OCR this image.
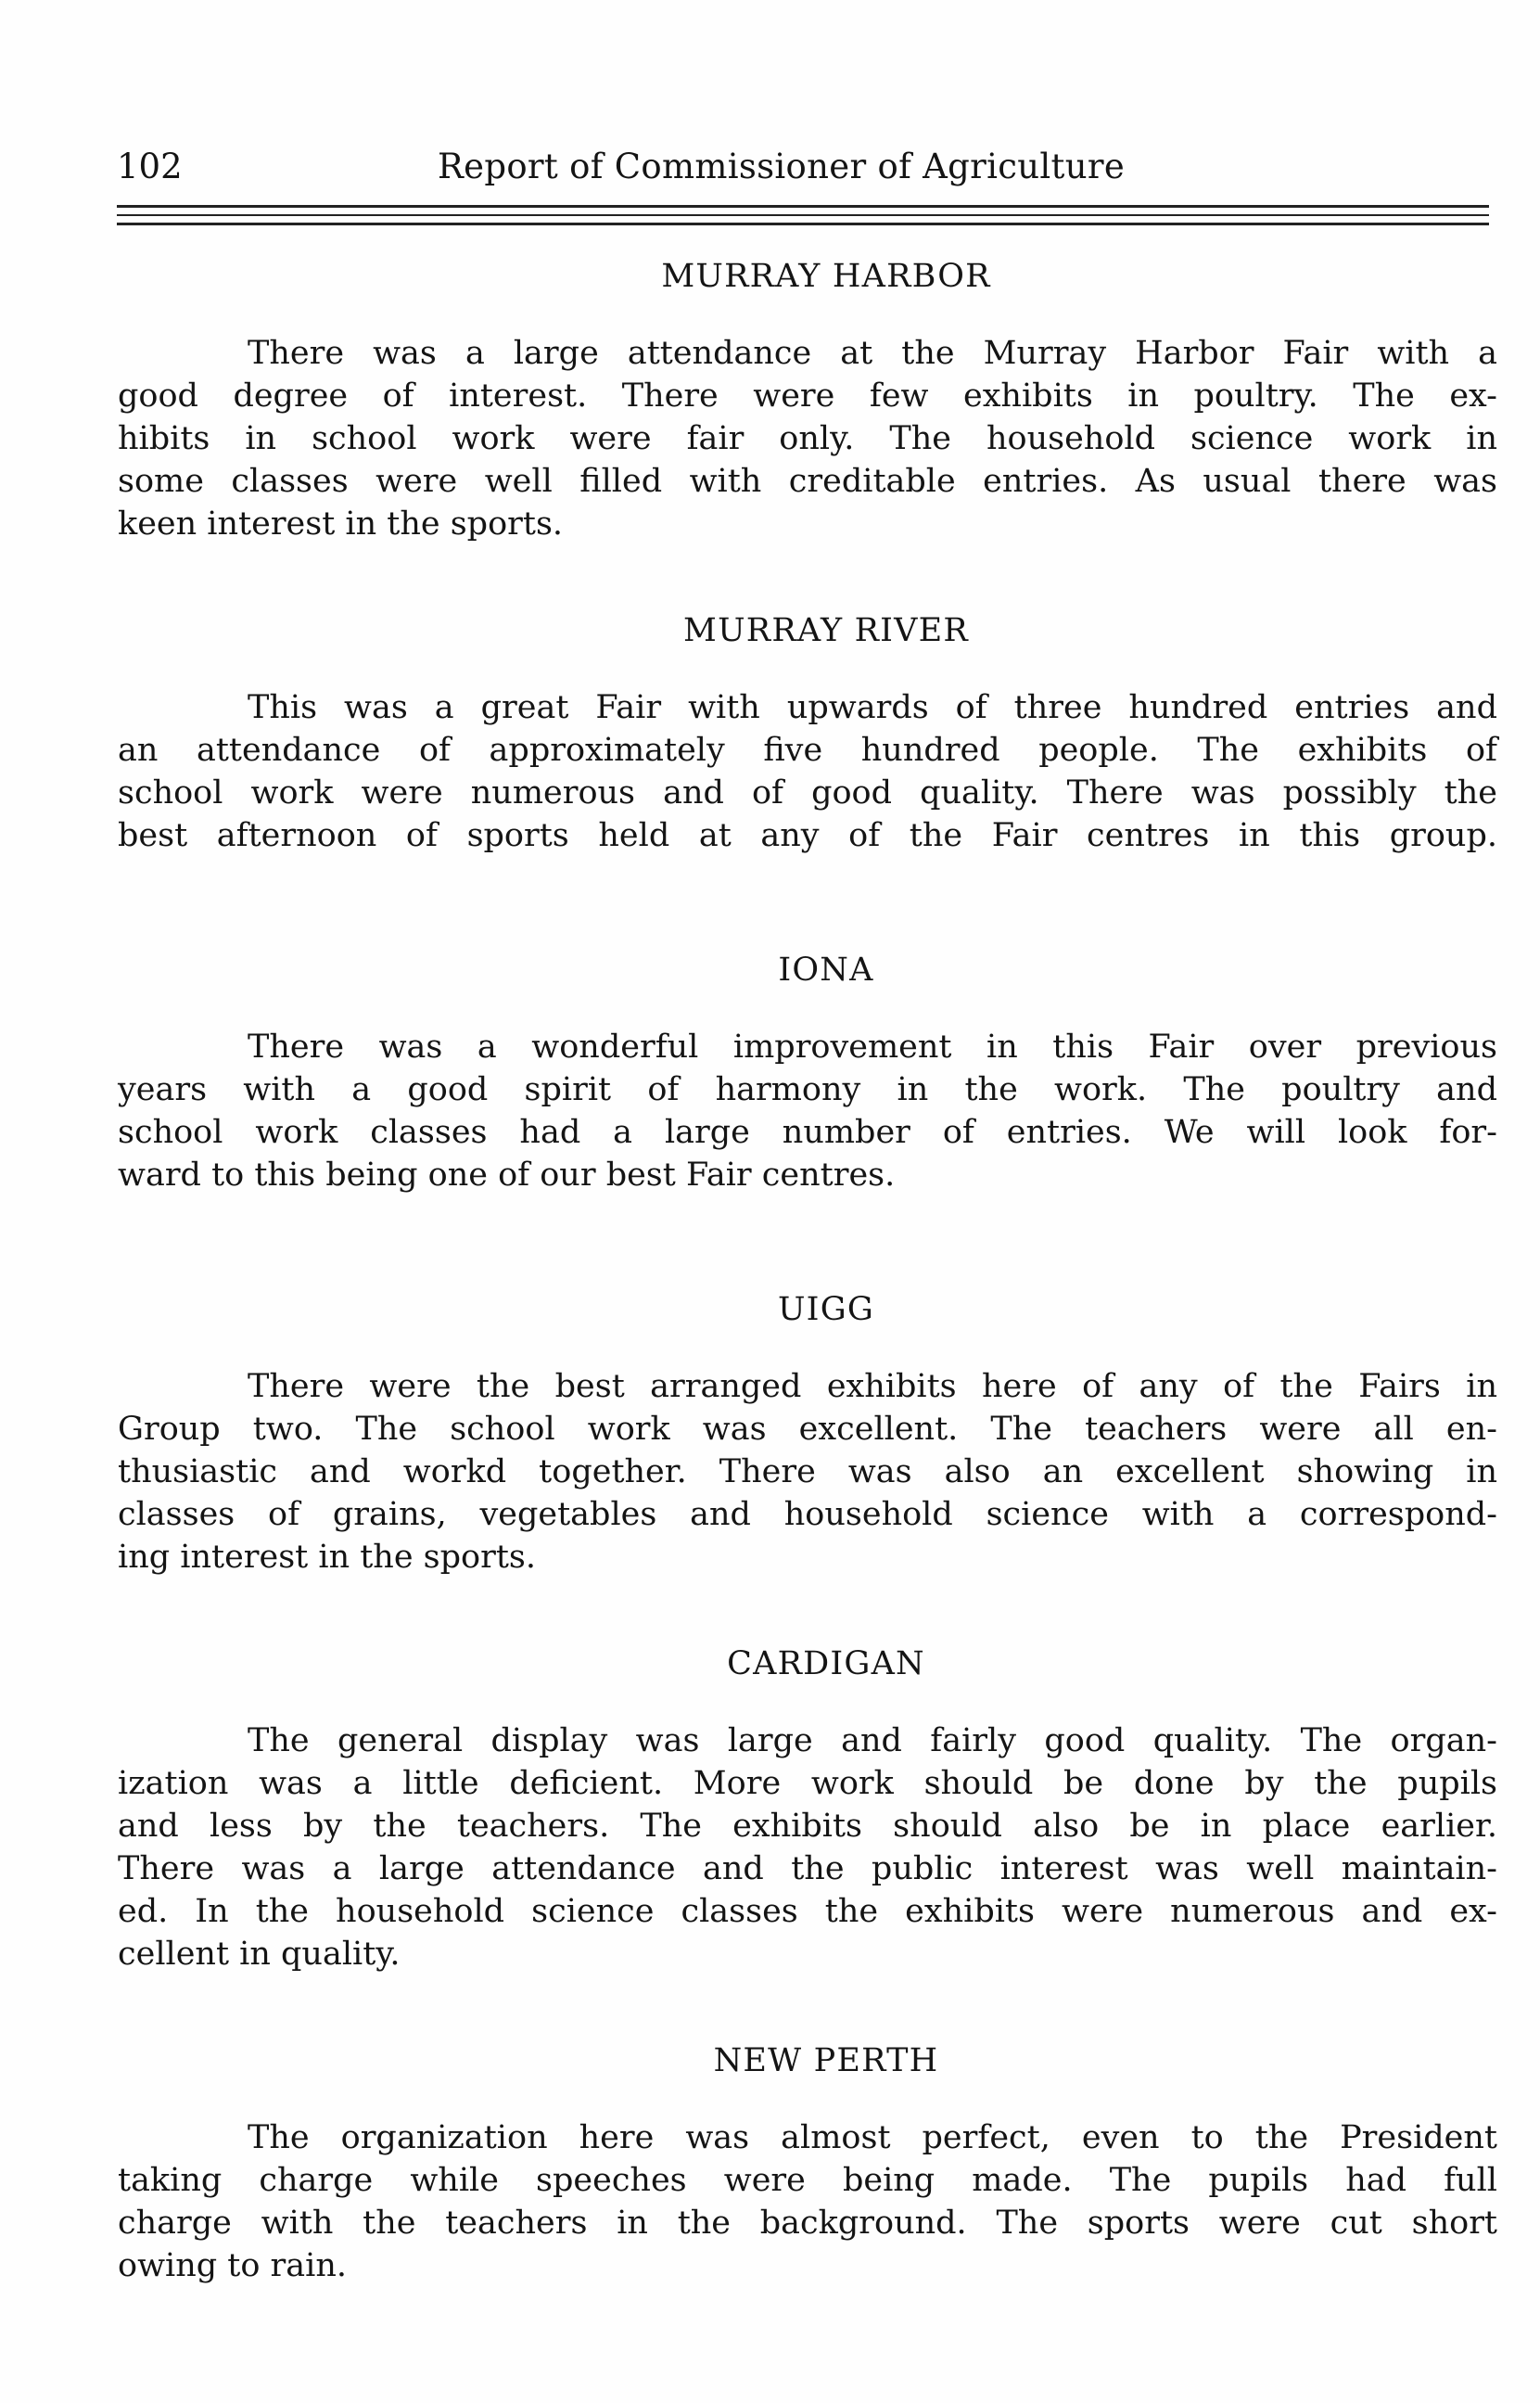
102	Report of Commissioner of Agriculture
MURRAY HARBOR

There was a large attendance at the Murray Harbor Fair with a
good degree of interest. There were few exhibits in poultry. The ex-
hibits in school work were fair only. The household science work in
some classes were well filled with creditable entries. As usual there was
keen interest in the sports.

MURRAY RIVER

This was a great Fair with upwards of three hundred entries and
an attendance of approximately five hundred people. The exhibits of
school work were numerous and of good quality. There was possibly the
best afternoon of sports held at any of the Fair centres in this group.

IONA

There was a wonderful improvement in this Fair over previous
years with a good spirit of harmony in the work. The poultry and
school work classes had a large number of entries. We will look for-
ward to this being one of our best Fair centres.

UIGG

There were the best arranged exhibits here of any of the Fairs in
Group two. The school work was excellent. The teachers were all en-
thusiastic and workd together. There was also an excellent showing in
classes of grains, vegetables and household science with a correspond-
ing interest in the sports.

CARDIGAN

The general display was large and fairly good quality. The organ-
ization was a little deficient. More work should be done by the pupils
and less by the teachers. The exhibits should also be in place earlier.
There was a large attendance and the public interest was well maintain-
ed. In the household science classes the exhibits were numerous and ex-
cellent in quality.

NEW PERTH

The organization here was almost perfect, even to the President
taking charge while speeches were being made. The pupils had full
charge with the teachers in the background. The sports were cut short
owing to rain.
